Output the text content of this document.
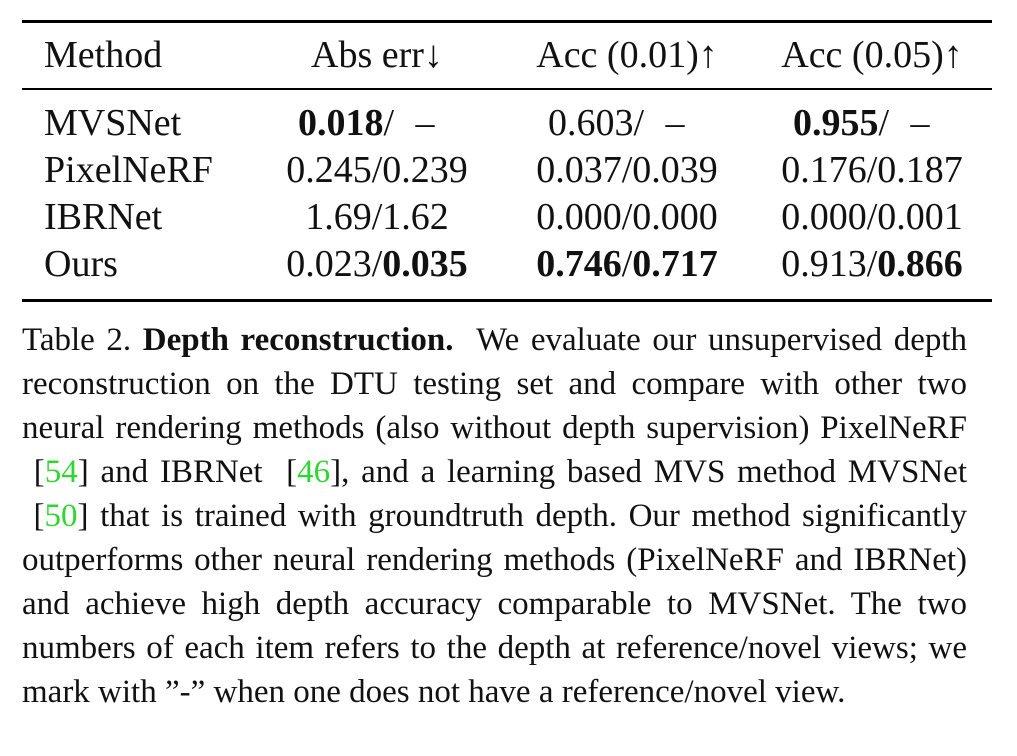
Method	Abs err↓	Acc (0.01)↑	Acc (0.05)↑
MVSNet	0.018/ –	0.603/ –	0.955/ –
PixelNeRF	0.245/0.239	0.037/0.039	0.176/0.187
IBRNet	1.69/1.62	0.000/0.000	0.000/0.001
Ours	0.023/0.035	0.746/0.717	0.913/0.866

Table 2. Depth reconstruction. We evaluate our unsupervised depth reconstruction on the DTU testing set and compare with other two neural rendering methods (also without depth supervision) PixelNeRF  [54] and IBRNet  [46], and a learning based MVS method MVSNet  [50] that is trained with groundtruth depth. Our method significantly outperforms other neural rendering methods (PixelNeRF and IBRNet) and achieve high depth accuracy comparable to MVSNet. The two numbers of each item refers to the depth at reference/novel views; we mark with ”-” when one does not have a reference/novel view.
